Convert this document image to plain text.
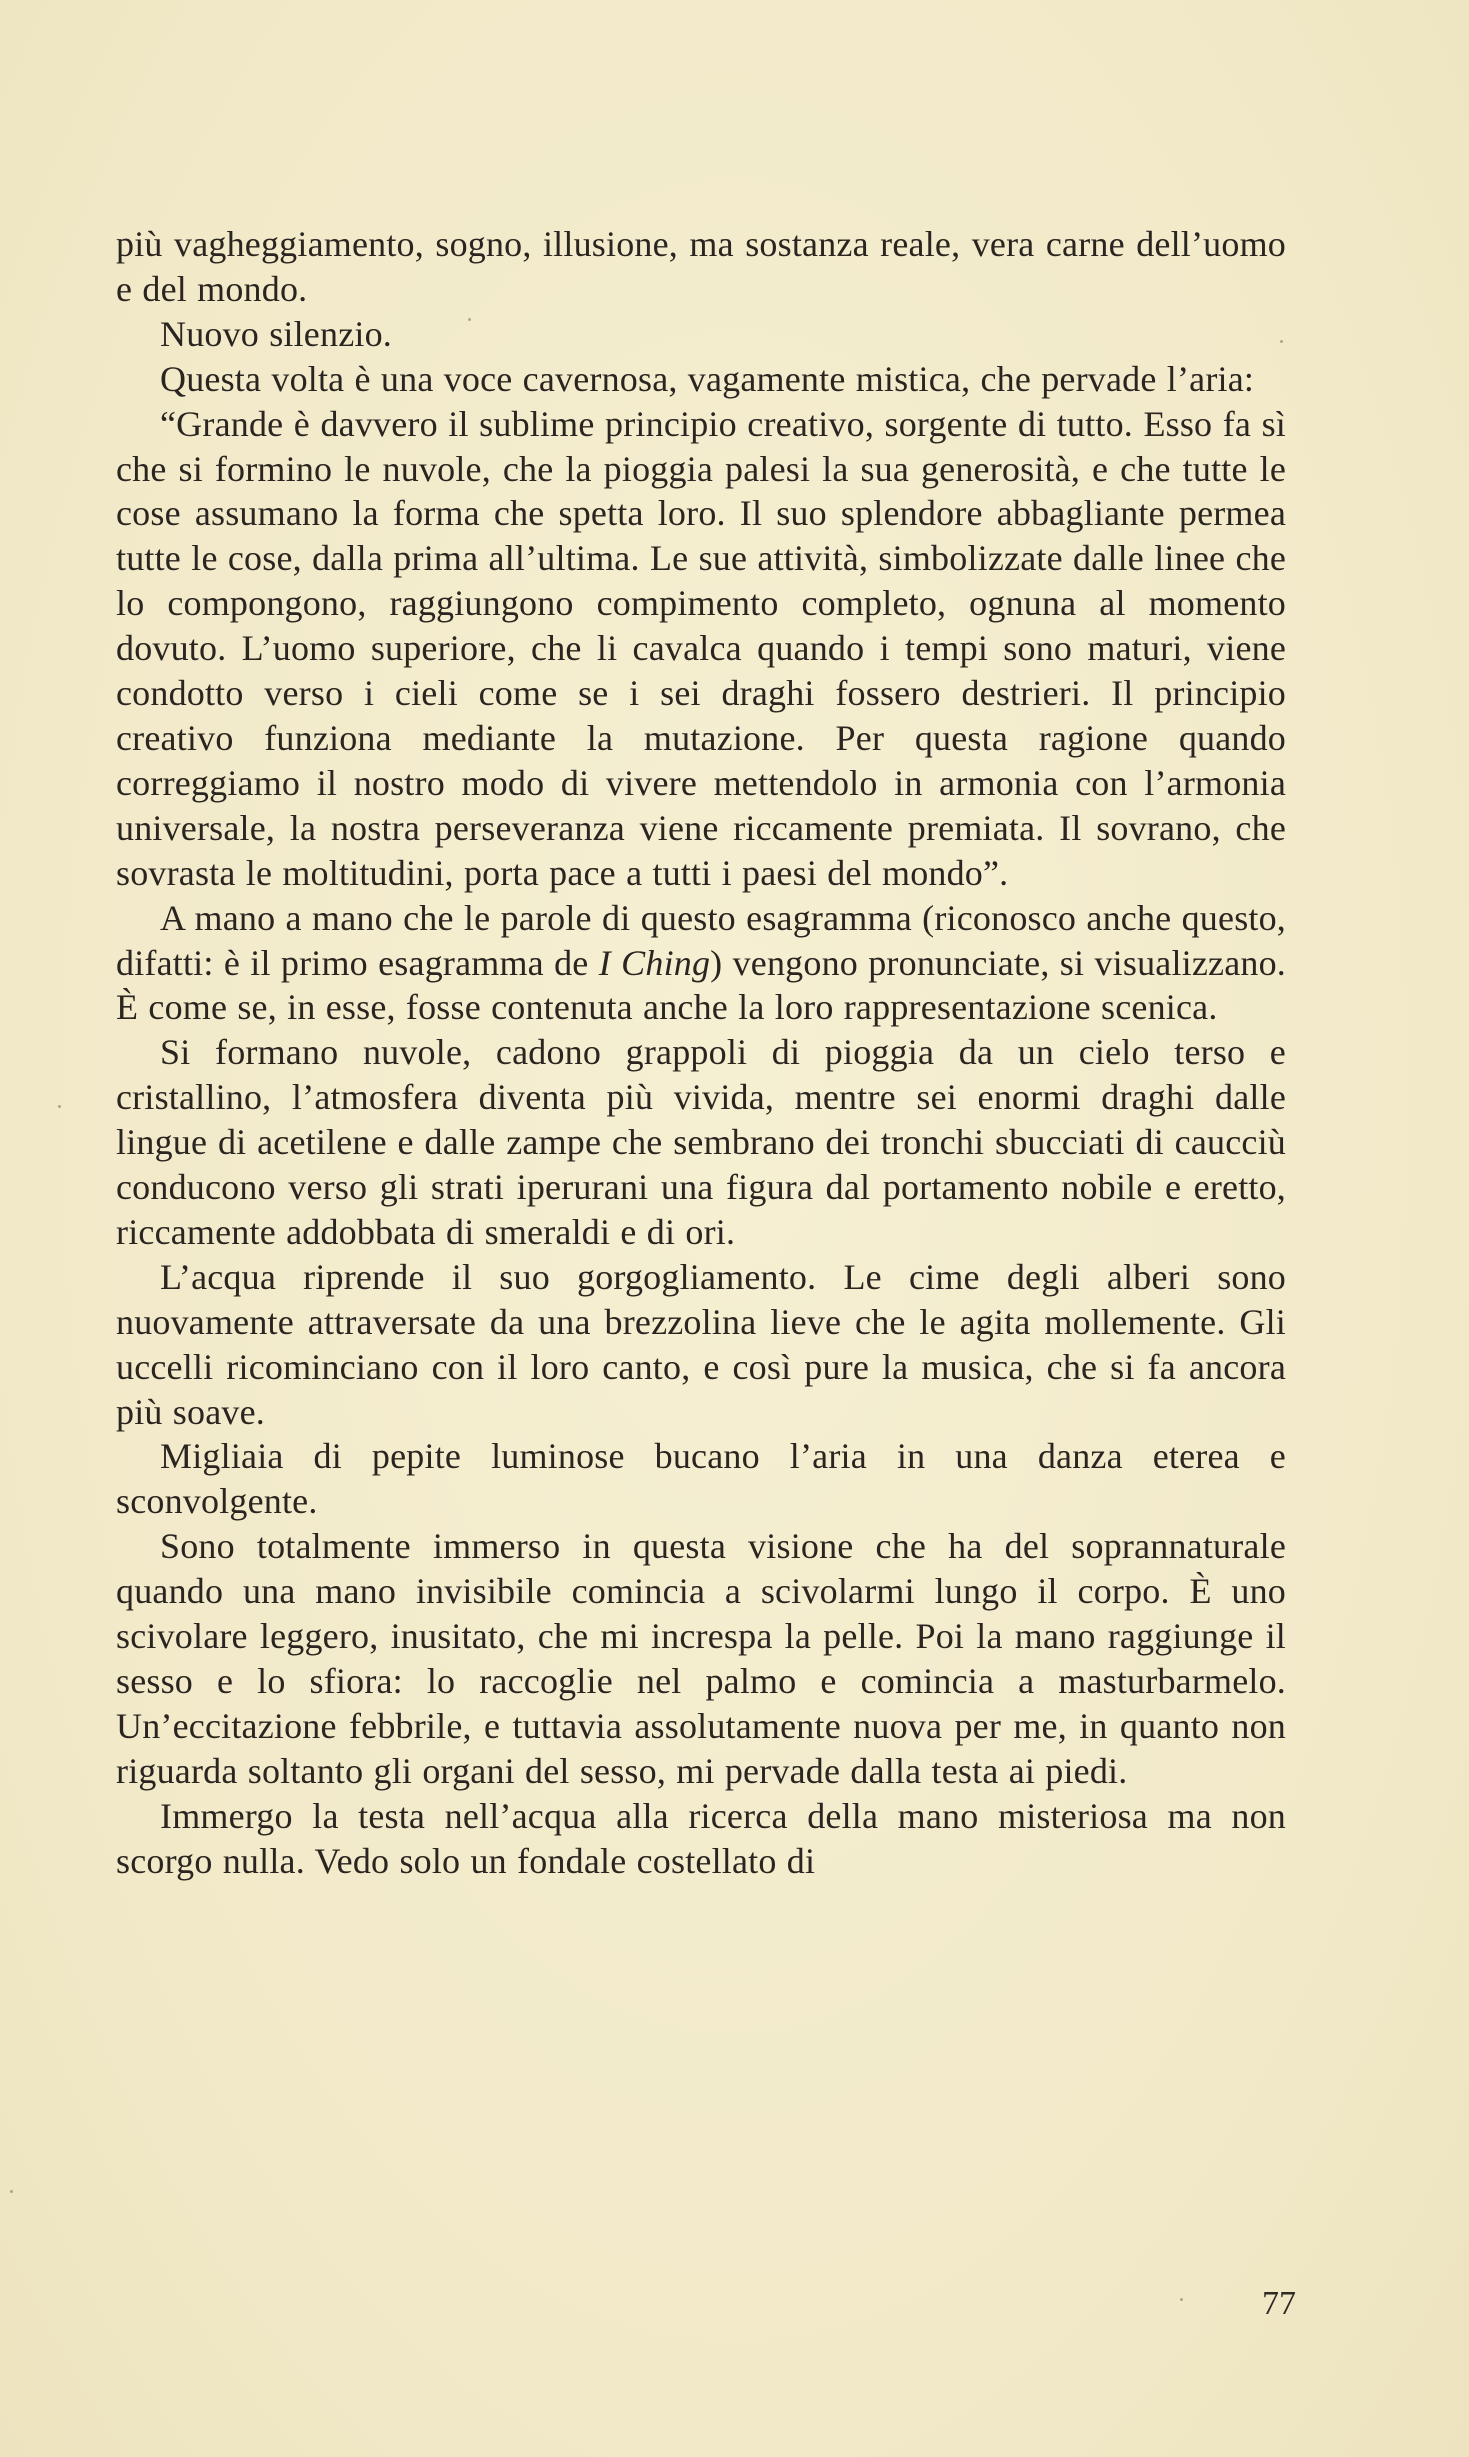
più vagheggiamento, sogno, illusione, ma sostanza reale, vera carne dell’uomo e del mondo.

Nuovo silenzio.

Questa volta è una voce cavernosa, vagamente mistica, che pervade l’aria:

“Grande è davvero il sublime principio creativo, sorgente di tutto. Esso fa sì che si formino le nuvole, che la pioggia palesi la sua generosità, e che tutte le cose assumano la forma che spetta loro. Il suo splendore abbagliante permea tutte le cose, dalla prima all’ultima. Le sue attività, simbolizzate dalle linee che lo compongono, raggiungono compimento completo, ognuna al momento dovuto. L’uomo superiore, che li cavalca quando i tempi sono maturi, viene condotto verso i cieli come se i sei draghi fossero destrieri. Il principio creativo funziona mediante la mutazione. Per questa ragione quando correggiamo il nostro modo di vivere mettendolo in armonia con l’armonia universale, la nostra perseveranza viene riccamente premiata. Il sovrano, che sovrasta le moltitudini, porta pace a tutti i paesi del mondo”.

A mano a mano che le parole di questo esagramma (riconosco anche questo, difatti: è il primo esagramma de I Ching) vengono pronunciate, si visualizzano. È come se, in esse, fosse contenuta anche la loro rappresentazione scenica.

Si formano nuvole, cadono grappoli di pioggia da un cielo terso e cristallino, l’atmosfera diventa più vivida, mentre sei enormi draghi dalle lingue di acetilene e dalle zampe che sembrano dei tronchi sbucciati di caucciù conducono verso gli strati iperurani una figura dal portamento nobile e eretto, riccamente addobbata di smeraldi e di ori.

L’acqua riprende il suo gorgogliamento. Le cime degli alberi sono nuovamente attraversate da una brezzolina lieve che le agita mollemente. Gli uccelli ricominciano con il loro canto, e così pure la musica, che si fa ancora più soave.

Migliaia di pepite luminose bucano l’aria in una danza eterea e sconvolgente.

Sono totalmente immerso in questa visione che ha del soprannaturale quando una mano invisibile comincia a scivolarmi lungo il corpo. È uno scivolare leggero, inusitato, che mi increspa la pelle. Poi la mano raggiunge il sesso e lo sfiora: lo raccoglie nel palmo e comincia a masturbarmelo. Un’eccitazione febbrile, e tuttavia assolutamente nuova per me, in quanto non riguarda soltanto gli organi del sesso, mi pervade dalla testa ai piedi.

Immergo la testa nell’acqua alla ricerca della mano misteriosa ma non scorgo nulla. Vedo solo un fondale costellato di

77
